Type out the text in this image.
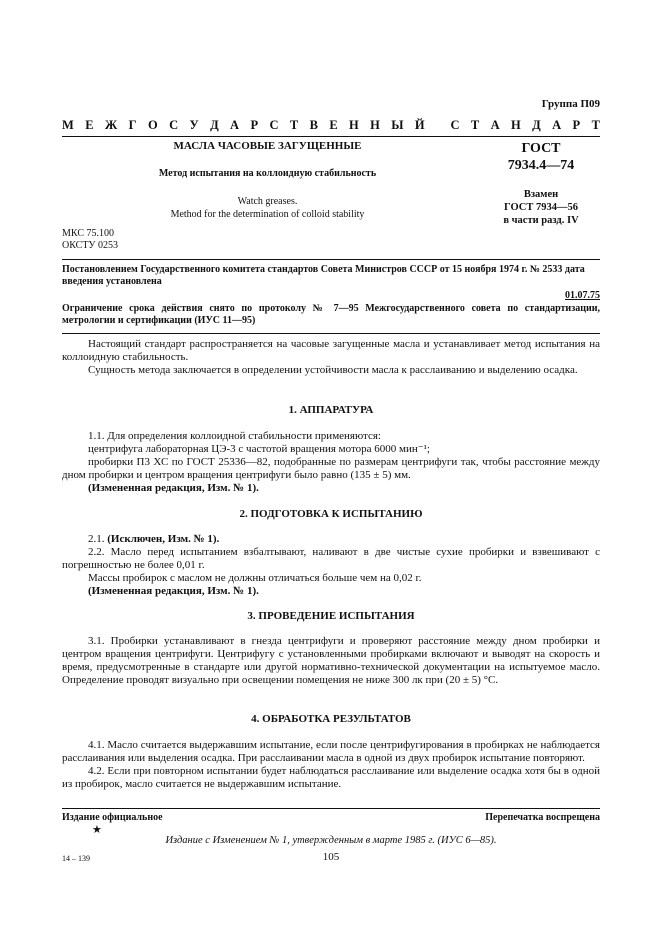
Группа П09
М Е Ж Г О С У Д А Р С Т В Е Н Н Ы Й
С Т А Н Д А Р Т
МАСЛА ЧАСОВЫЕ ЗАГУЩЕННЫЕ
Метод испытания на коллоидную стабильность
Watch greases.
Method for the determination of colloid stability
ГОСТ
7934.4—74
Взамен
ГОСТ 7934—56
в части разд. IV
МКС 75.100
ОКСТУ 0253
Постановлением Государственного комитета стандартов Совета Министров СССР от 15 ноября 1974 г. № 2533 дата введения установлена
01.07.75
Ограничение срока действия снято по протоколу № 7—95 Межгосударственного совета по стандартизации, метрологии и сертификации (ИУС 11—95)

Настоящий стандарт распространяется на часовые загущенные масла и устанавливает метод испытания на коллоидную стабильность.

Сущность метода заключается в определении устойчивости масла к расслаиванию и выделению осадка.

1. АППАРАТУРА

1.1. Для определения коллоидной стабильности применяются:

центрифуга лабораторная ЦЭ-3 с частотой вращения мотора 6000 мин⁻¹;

пробирки П3 ХС по ГОСТ 25336—82, подобранные по размерам центрифуги так, чтобы расстояние между дном пробирки и центром вращения центрифуги было равно (135 ± 5) мм.

(Измененная редакция, Изм. № 1).

2. ПОДГОТОВКА К ИСПЫТАНИЮ

2.1. (Исключен, Изм. № 1).

2.2. Масло перед испытанием взбалтывают, наливают в две чистые сухие пробирки и взвешивают с погрешностью не более 0,01 г.

Массы пробирок с маслом не должны отличаться больше чем на 0,02 г.

(Измененная редакция, Изм. № 1).

3. ПРОВЕДЕНИЕ ИСПЫТАНИЯ

3.1. Пробирки устанавливают в гнезда центрифуги и проверяют расстояние между дном пробирки и центром вращения центрифуги. Центрифугу с установленными пробирками включают и выводят на скорость и время, предусмотренные в стандарте или другой нормативно-технической документации на испытуемое масло. Определение проводят визуально при освещении помещения не ниже 300 лк при (20 ± 5) °С.

4. ОБРАБОТКА РЕЗУЛЬТАТОВ

4.1. Масло считается выдержавшим испытание, если после центрифугирования в пробирках не наблюдается расслаивания или выделения осадка. При расслаивании масла в одной из двух пробирок испытание повторяют.

4.2. Если при повторном испытании будет наблюдаться расслаивание или выделение осадка хотя бы в одной из пробирок, масло считается не выдержавшим испытание.

Издание официальное	Перепечатка воспрещена
★
Издание с Изменением № 1, утвержденным в марте 1985 г. (ИУС 6—85).
105
14 – 139
